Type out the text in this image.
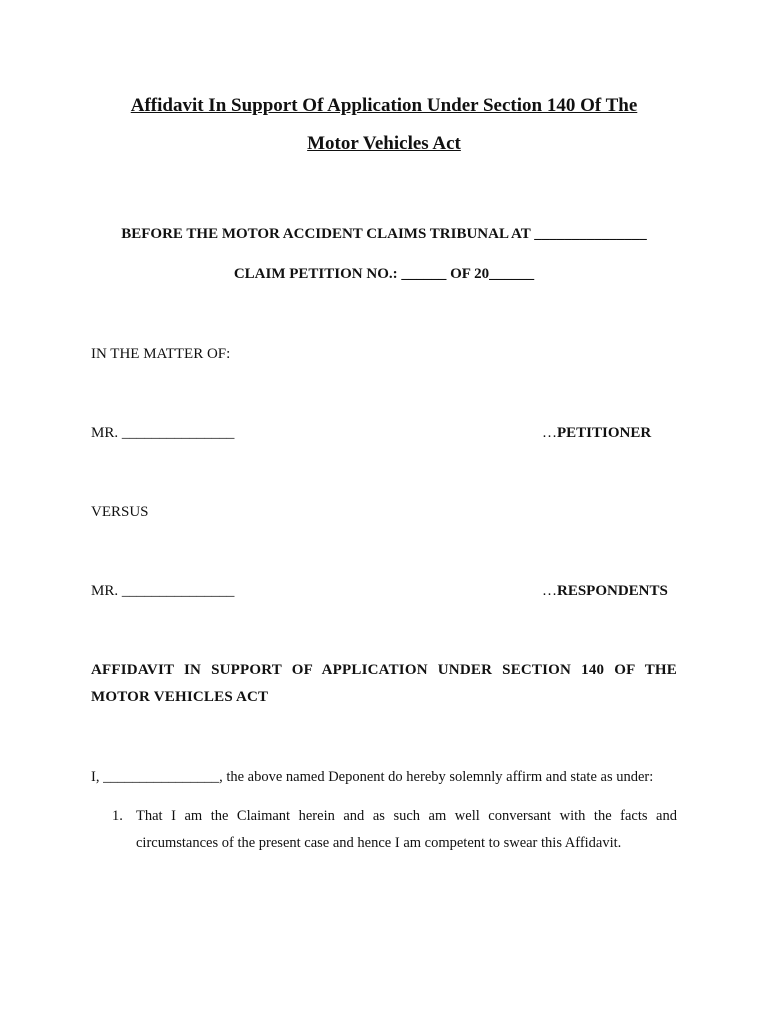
Affidavit In Support Of Application Under Section 140 Of The
Motor Vehicles Act
BEFORE THE MOTOR ACCIDENT CLAIMS TRIBUNAL AT _______________
CLAIM PETITION NO.: ______ OF 20______
IN THE MATTER OF:
MR. _______________	…PETITIONER
VERSUS
MR. _______________	…RESPONDENTS
AFFIDAVIT IN SUPPORT OF APPLICATION UNDER SECTION 140 OF THE MOTOR VEHICLES ACT
I, ________________, the above named Deponent do hereby solemnly affirm and state as under:
1. That I am the Claimant herein and as such am well conversant with the facts and circumstances of the present case and hence I am competent to swear this Affidavit.
